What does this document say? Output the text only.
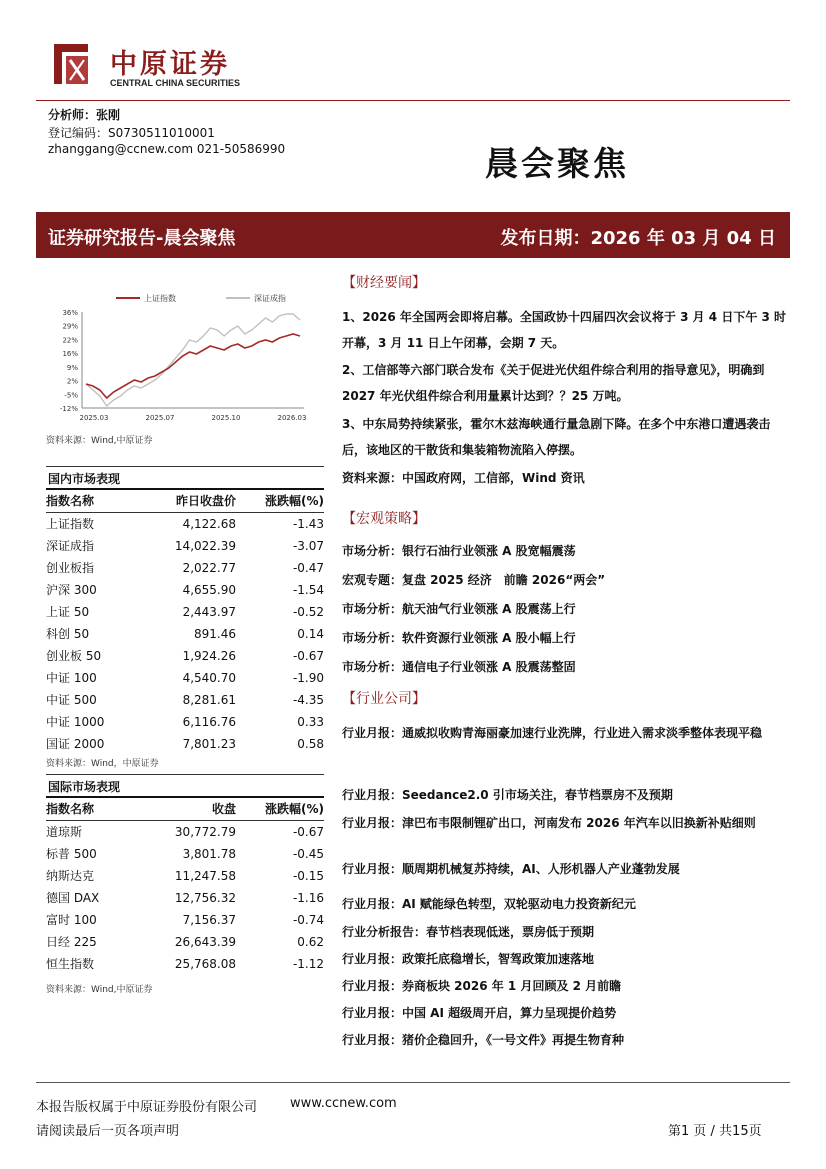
中原证券
CENTRAL CHINA SECURITIES
分析师：张刚
登记编码：S0730511010001
zhanggang@ccnew.com 021-50586990	晨会聚焦
证券研究报告-晨会聚焦	发布日期：2026 年 03 月 04 日
36%
29%
22%
16%
9%
2%
-5%
-12%
2025.03	2025.07	2025.10	2026.03
上证指数	深证成指
资料来源：Wind,中原证券
国内市场表现
指数名称	昨日收盘价	涨跌幅(%)
上证指数	4,122.68	-1.43
深证成指	14,022.39	-3.07
创业板指	2,022.77	-0.47
沪深 300	4,655.90	-1.54
上证 50	2,443.97	-0.52
科创 50	891.46	0.14
创业板 50	1,924.26	-0.67
中证 100	4,540.70	-1.90
中证 500	8,281.61	-4.35
中证 1000	6,116.76	0.33
国证 2000	7,801.23	0.58
资料来源：Wind，中原证券
国际市场表现
指数名称	收盘	涨跌幅(%)
道琼斯	30,772.79	-0.67
标普 500	3,801.78	-0.45
纳斯达克	11,247.58	-0.15
德国 DAX	12,756.32	-1.16
富时 100	7,156.37	-0.74
日经 225	26,643.39	0.62
恒生指数	25,768.08	-1.12
资料来源：Wind,中原证券
【财经要闻】
1、2026 年全国两会即将启幕。全国政协十四届四次会议将于 3 月 4 日下午 3 时开幕，3 月 11 日上午闭幕，会期 7 天。
2、工信部等六部门联合发布《关于促进光伏组件综合利用的指导意见》，明确到 2027 年光伏组件综合利用量累计达到？？25 万吨。
3、中东局势持续紧张，霍尔木兹海峡通行量急剧下降。在多个中东港口遭遇袭击后，该地区的干散货和集装箱物流陷入停摆。
资料来源：中国政府网，工信部，Wind 资讯
【宏观策略】
市场分析：银行石油行业领涨 A 股宽幅震荡
宏观专题：复盘 2025 经济　前瞻 2026“两会”
市场分析：航天油气行业领涨 A 股震荡上行
市场分析：软件资源行业领涨 A 股小幅上行
市场分析：通信电子行业领涨 A 股震荡整固
【行业公司】
行业月报：通威拟收购青海丽豪加速行业洗牌，行业进入需求淡季整体表现平稳
行业月报：Seedance2.0 引市场关注，春节档票房不及预期
行业月报：津巴布韦限制锂矿出口，河南发布 2026 年汽车以旧换新补贴细则
行业月报：顺周期机械复苏持续，AI、人形机器人产业蓬勃发展
行业月报：AI 赋能绿色转型，双轮驱动电力投资新纪元
行业分析报告：春节档表现低迷，票房低于预期
行业月报：政策托底稳增长，智驾政策加速落地
行业月报：券商板块 2026 年 1 月回顾及 2 月前瞻
行业月报：中国 AI 超级周开启，算力呈现提价趋势
行业月报：猪价企稳回升，《一号文件》再提生物育种
本报告版权属于中原证券股份有限公司	www.ccnew.com
请阅读最后一页各项声明	第1 页 / 共15页
